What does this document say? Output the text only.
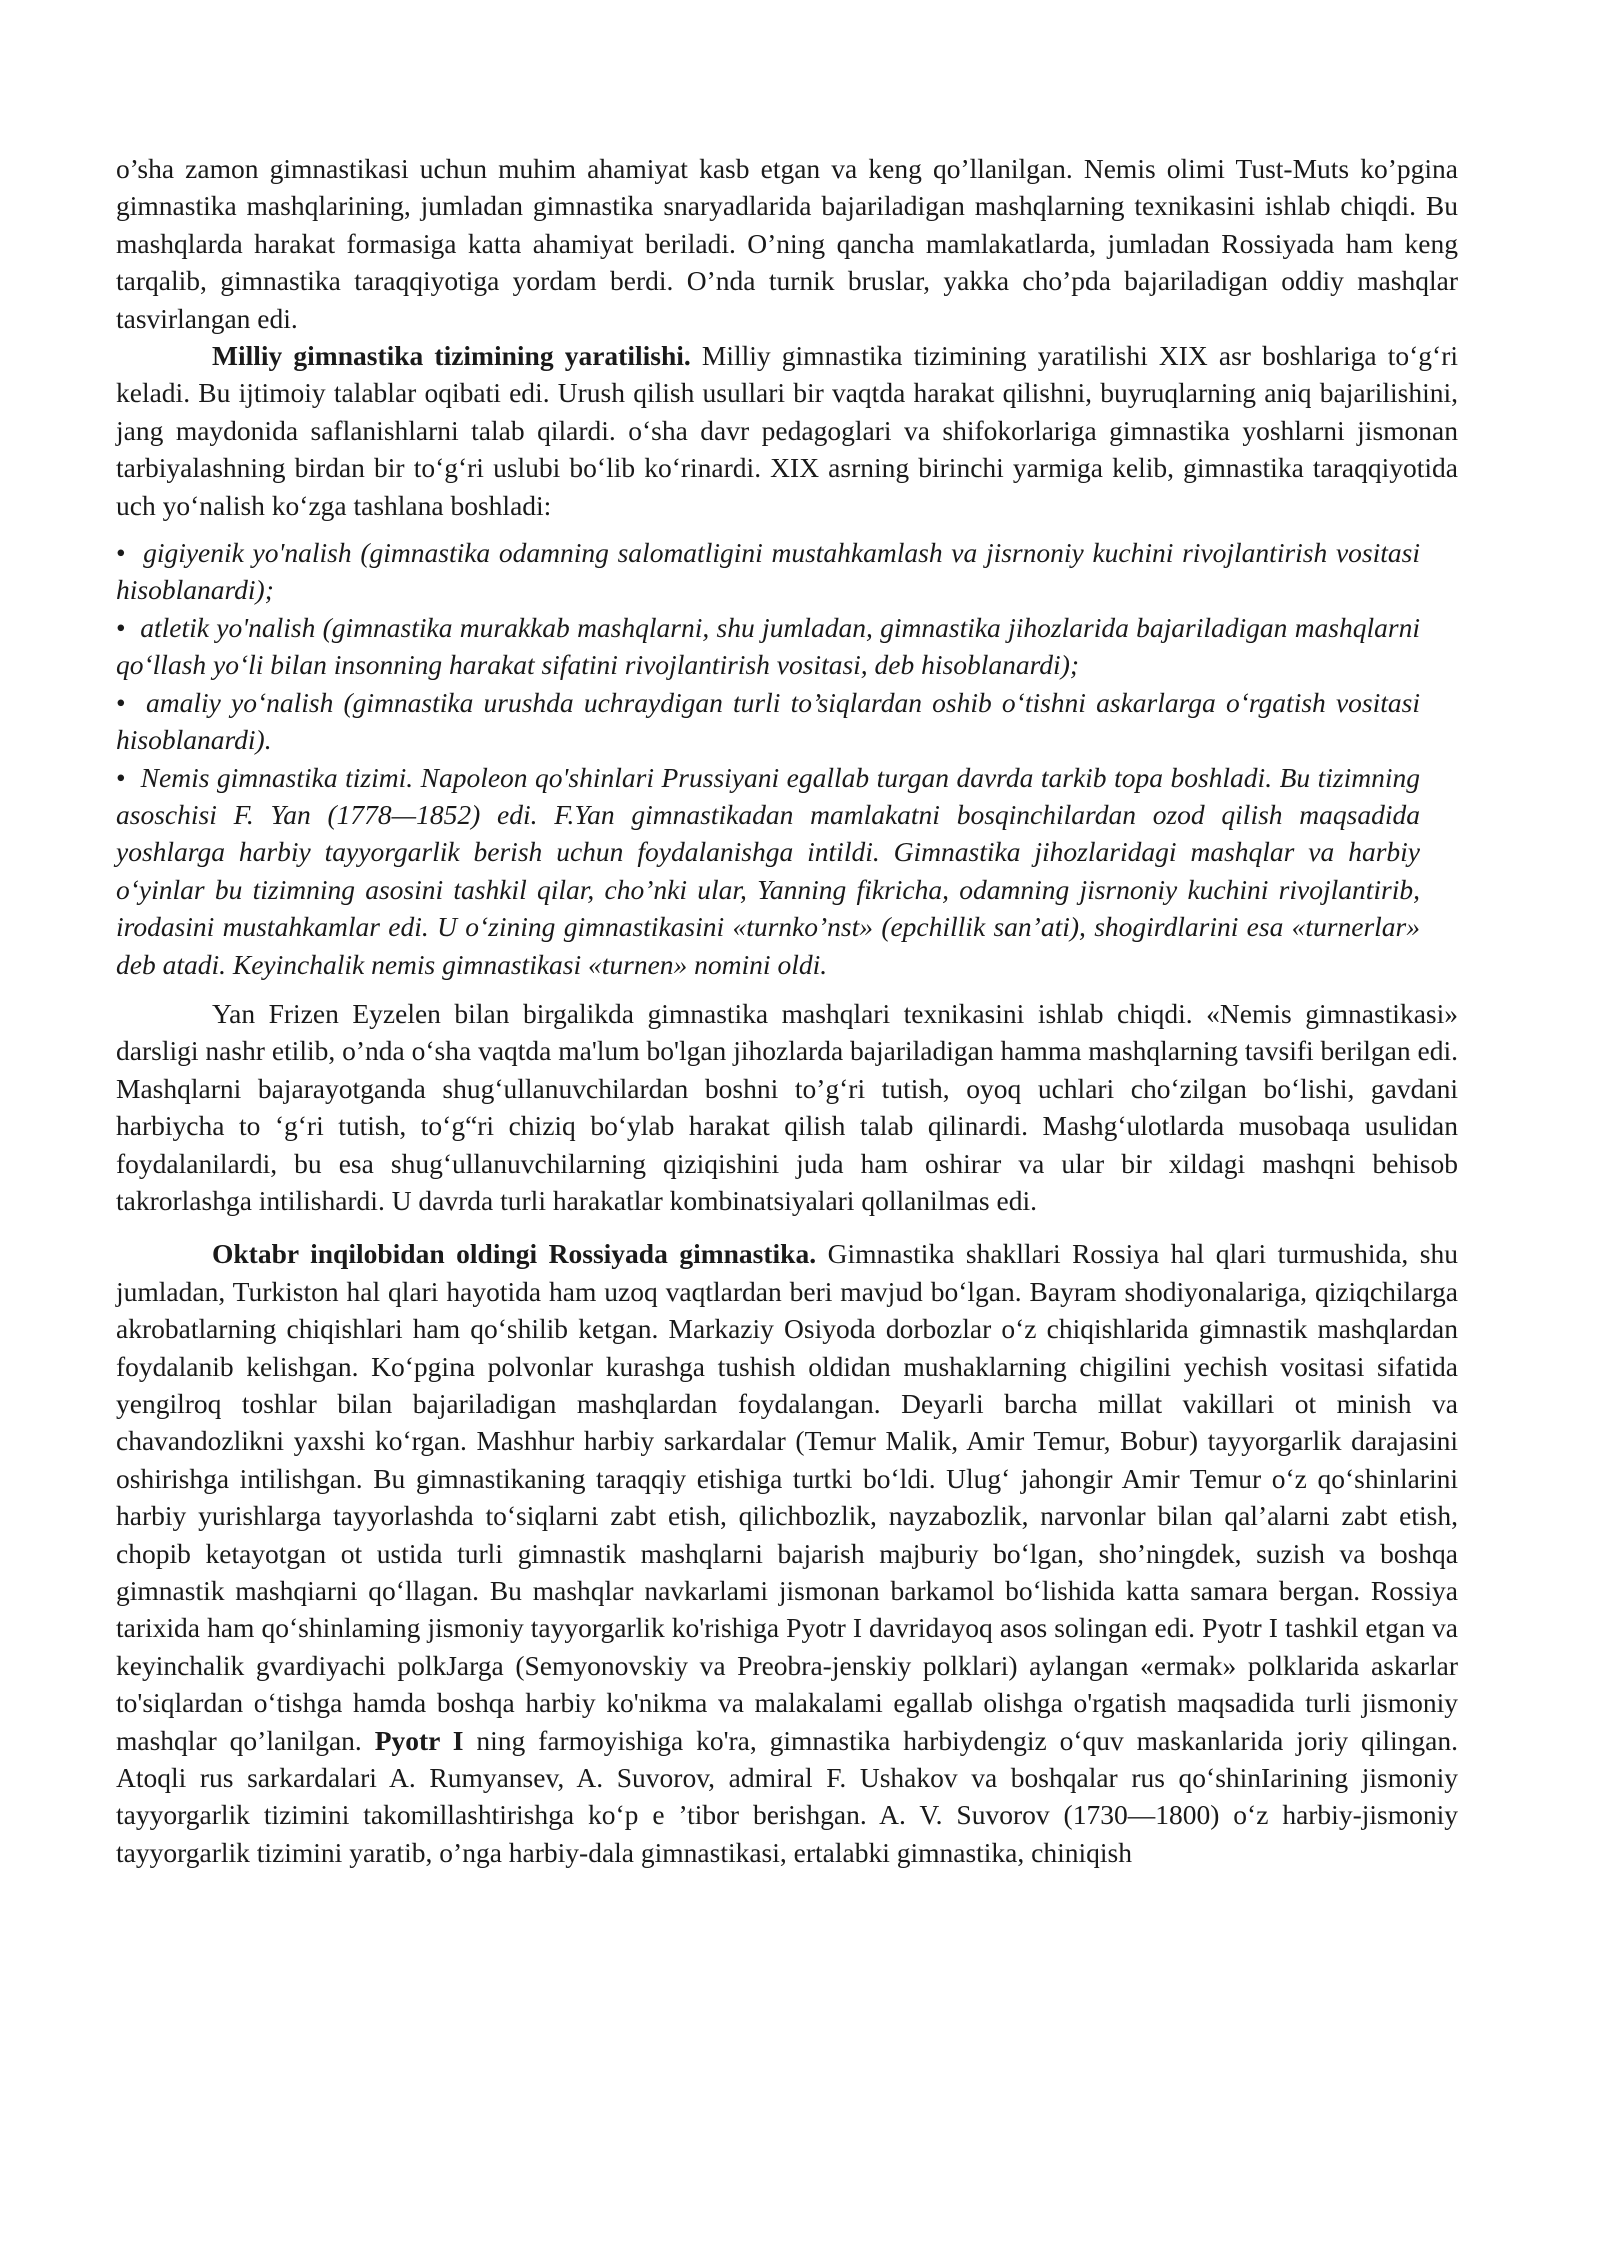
o’sha zamon gimnastikasi uchun muhim ahamiyat kasb etgan va keng qo’llanilgan. Nemis olimi Tust-Muts ko’pgina gimnastika mashqlarining, jumladan gimnastika snaryadlarida bajariladigan mashqlarning texnikasini ishlab chiqdi. Bu mashqlarda harakat formasiga katta ahamiyat beriladi. O’ning qancha mamlakatlarda, jumladan Rossiyada ham keng tarqalib, gimnastika taraqqiyotiga yordam berdi. O’nda turnik bruslar, yakka cho’pda bajariladigan oddiy mashqlar tasvirlangan edi.

Milliy gimnastika tizimining yaratilishi. Milliy gimnastika tizimining yaratilishi XIX asr boshlariga to‘g‘ri keladi. Bu ijtimoiy talablar oqibati edi. Urush qilish usullari bir vaqtda harakat qilishni, buyruqlarning aniq bajarilishini, jang maydonida saflanishlarni talab qilardi. o‘sha davr pedagoglari va shifokorlariga gimnastika yoshlarni jismonan tarbiyalashning birdan bir to‘g‘ri uslubi bo‘lib ko‘rinardi. XIX asrning birinchi yarmiga kelib, gimnastika taraqqiyotida uch yo‘nalish ko‘zga tashlana boshladi:

• gigiyenik yo'nalish (gimnastika odamning salomatligini mustahkamlash va jisrnoniy kuchini rivojlantirish vositasi hisoblanardi);

• atletik yo'nalish (gimnastika murakkab mashqlarni, shu jumladan, gimnastika jihozlarida bajariladigan mashqlarni qo‘llash yo‘li bilan insonning harakat sifatini rivojlantirish vositasi, deb hisoblanardi);

• amaliy yo‘nalish (gimnastika urushda uchraydigan turli to’siqlardan oshib o‘tishni askarlarga o‘rgatish vositasi hisoblanardi).

• Nemis gimnastika tizimi. Napoleon qo'shinlari Prussiyani egallab turgan davrda tarkib topa boshladi. Bu tizimning asoschisi F. Yan (1778—1852) edi. F.Yan gimnastikadan mamlakatni bosqinchilardan ozod qilish maqsadida yoshlarga harbiy tayyorgarlik berish uchun foydalanishga intildi. Gimnastika jihozlaridagi mashqlar va harbiy o‘yinlar bu tizimning asosini tashkil qilar, cho’nki ular, Yanning fikricha, odamning jisrnoniy kuchini rivojlantirib, irodasini mustahkamlar edi. U o‘zining gimnastikasini «turnko’nst» (epchillik san’ati), shogirdlarini esa «turnerlar» deb atadi. Keyinchalik nemis gimnastikasi «turnen» nomini oldi.

Yan Frizen Eyzelen bilan birgalikda gimnastika mashqlari texnikasini ishlab chiqdi. «Nemis gimnastikasi» darsligi nashr etilib, o’nda o‘sha vaqtda ma'lum bo'lgan jihozlarda bajariladigan hamma mashqlarning tavsifi berilgan edi. Mashqlarni bajarayotganda shug‘ullanuvchilardan boshni to’g‘ri tutish, oyoq uchlari cho‘zilgan bo‘lishi, gavdani harbiycha to ‘g‘ri tutish, to‘g“ri chiziq bo‘ylab harakat qilish talab qilinardi. Mashg‘ulotlarda musobaqa usulidan foydalanilardi, bu esa shug‘ullanuvchilarning qiziqishini juda ham oshirar va ular bir xildagi mashqni behisob takrorlashga intilishardi. U davrda turli harakatlar kombinatsiyalari qollanilmas edi.

Oktabr inqilobidan oldingi Rossiyada gimnastika. Gimnastika shakllari Rossiya hal qlari turmushida, shu jumladan, Turkiston hal qlari hayotida ham uzoq vaqtlardan beri mavjud bo‘lgan. Bayram shodiyonalariga, qiziqchilarga akrobatlarning chiqishlari ham qo‘shilib ketgan. Markaziy Osiyoda dorbozlar o‘z chiqishlarida gimnastik mashqlardan foydalanib kelishgan. Ko‘pgina polvonlar kurashga tushish oldidan mushaklarning chigilini yechish vositasi sifatida yengilroq toshlar bilan bajariladigan mashqlardan foydalangan. Deyarli barcha millat vakillari ot minish va chavandozlikni yaxshi ko‘rgan. Mashhur harbiy sarkardalar (Temur Malik, Amir Temur, Bobur) tayyorgarlik darajasini oshirishga intilishgan. Bu gimnastikaning taraqqiy etishiga turtki bo‘ldi. Ulug‘ jahongir Amir Temur o‘z qo‘shinlarini harbiy yurishlarga tayyorlashda to‘siqlarni zabt etish, qilichbozlik, nayzabozlik, narvonlar bilan qal’alarni zabt etish, chopib ketayotgan ot ustida turli gimnastik mashqlarni bajarish majburiy bo‘lgan, sho’ningdek, suzish va boshqa gimnastik mashqiarni qo‘llagan. Bu mashqlar navkarlami jismonan barkamol bo‘lishida katta samara bergan. Rossiya tarixida ham qo‘shinlaming jismoniy tayyorgarlik ko'rishiga Pyotr I davridayoq asos solingan edi. Pyotr I tashkil etgan va keyinchalik gvardiyachi polkJarga (Semyonovskiy va Preobra-jenskiy polklari) aylangan «ermak» polklarida askarlar to'siqlardan o‘tishga hamda boshqa harbiy ko'nikma va malakalami egallab olishga o'rgatish maqsadida turli jismoniy mashqlar qo’lanilgan. Pyotr I ning farmoyishiga ko'ra, gimnastika harbiydengiz o‘quv maskanlarida joriy qilingan. Atoqli rus sarkardalari A. Rumyansev, A. Suvorov, admiral F. Ushakov va boshqalar rus qo‘shinIarining jismoniy tayyorgarlik tizimini takomillashtirishga ko‘p e ’tibor berishgan. A. V. Suvorov (1730—1800) o‘z harbiy-jismoniy tayyorgarlik tizimini yaratib, o’nga harbiy-dala gimnastikasi, ertalabki gimnastika, chiniqish
